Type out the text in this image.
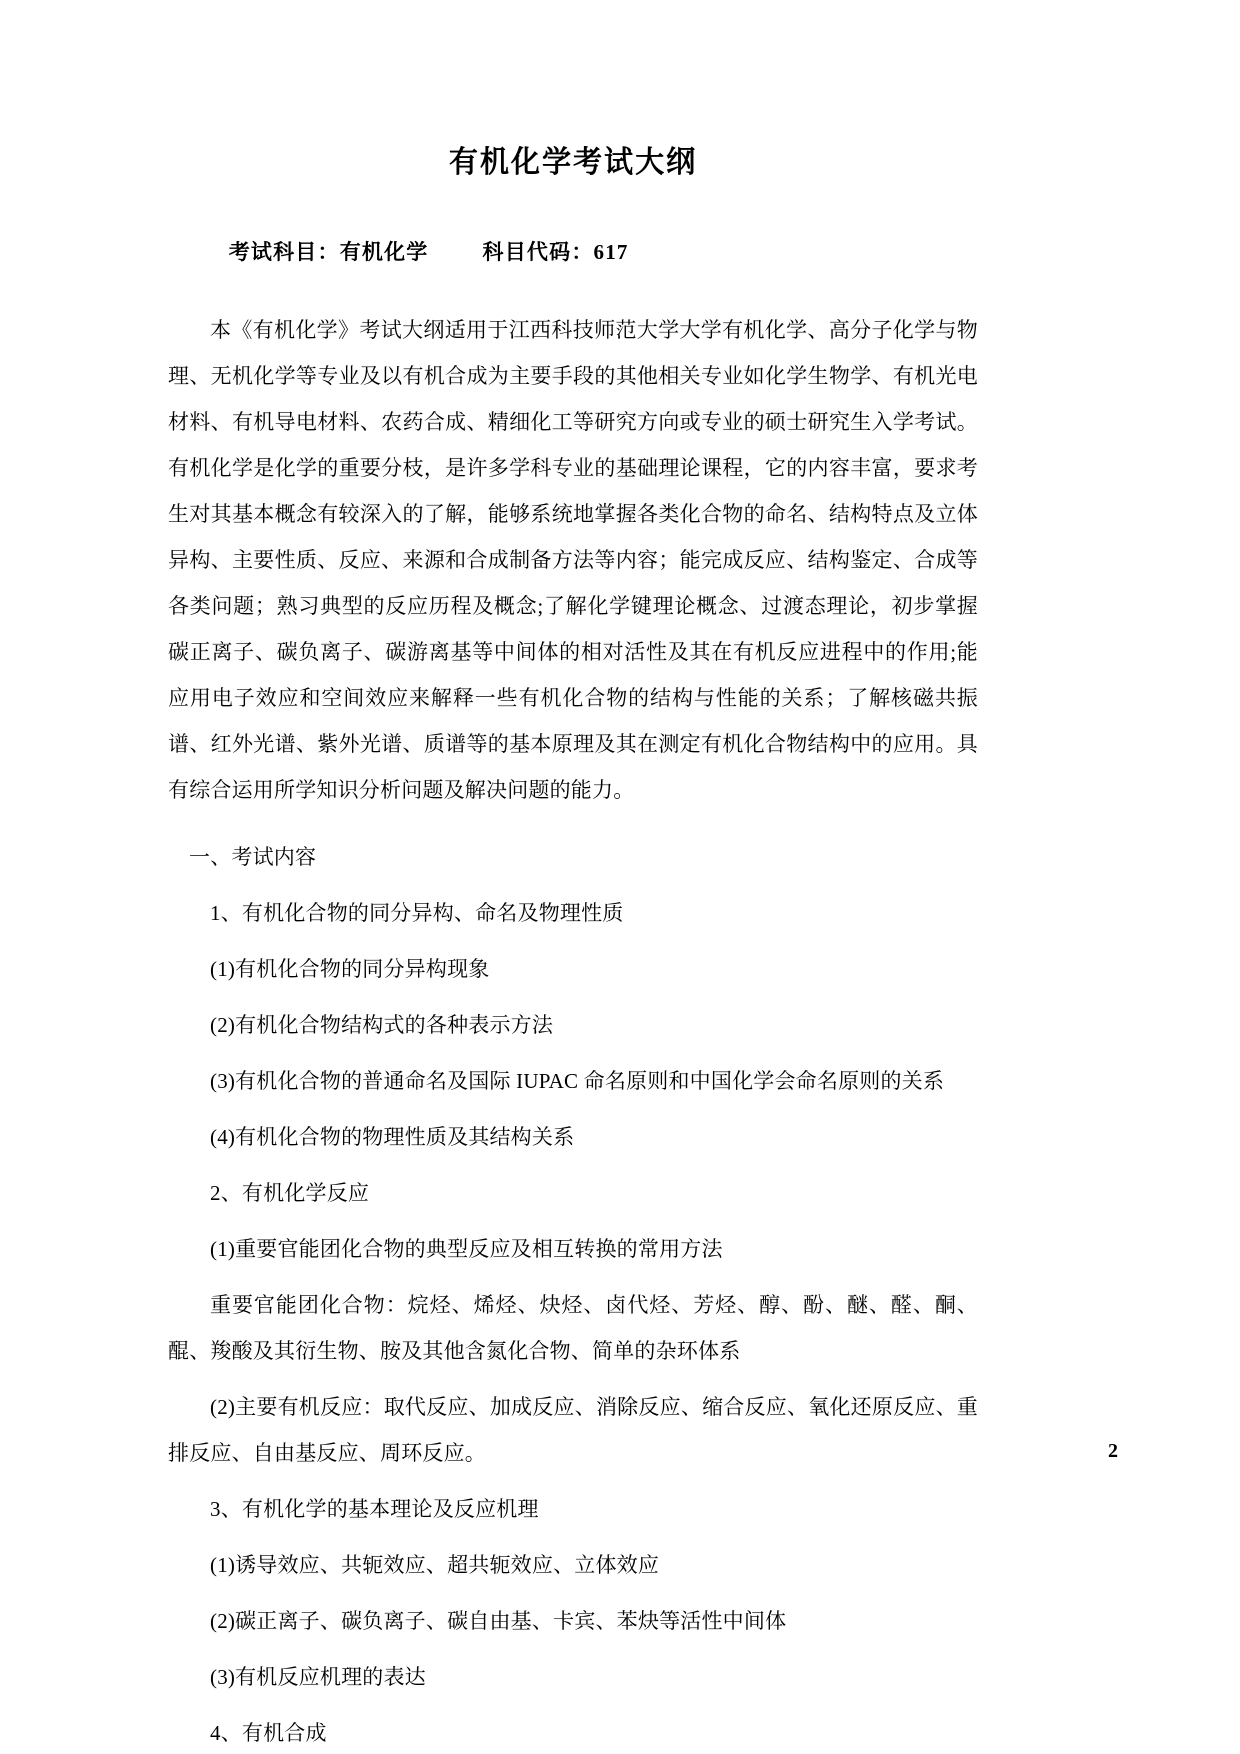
有机化学考试大纲

考试科目：有机化学	科目代码：617

本《有机化学》考试大纲适用于江西科技师范大学大学有机化学、高分子化学与物理、无机化学等专业及以有机合成为主要手段的其他相关专业如化学生物学、有机光电材料、有机导电材料、农药合成、精细化工等研究方向或专业的硕士研究生入学考试。有机化学是化学的重要分枝，是许多学科专业的基础理论课程，它的内容丰富，要求考生对其基本概念有较深入的了解，能够系统地掌握各类化合物的命名、结构特点及立体异构、主要性质、反应、来源和合成制备方法等内容；能完成反应、结构鉴定、合成等各类问题；熟习典型的反应历程及概念;了解化学键理论概念、过渡态理论，初步掌握碳正离子、碳负离子、碳游离基等中间体的相对活性及其在有机反应进程中的作用;能应用电子效应和空间效应来解释一些有机化合物的结构与性能的关系；了解核磁共振谱、红外光谱、紫外光谱、质谱等的基本原理及其在测定有机化合物结构中的应用。具有综合运用所学知识分析问题及解决问题的能力。

一、考试内容
1、有机化合物的同分异构、命名及物理性质
(1)有机化合物的同分异构现象
(2)有机化合物结构式的各种表示方法
(3)有机化合物的普通命名及国际 IUPAC 命名原则和中国化学会命名原则的关系
(4)有机化合物的物理性质及其结构关系
2、有机化学反应
(1)重要官能团化合物的典型反应及相互转换的常用方法
重要官能团化合物：烷烃、烯烃、炔烃、卤代烃、芳烃、醇、酚、醚、醛、酮、醌、羧酸及其衍生物、胺及其他含氮化合物、简单的杂环体系
(2)主要有机反应：取代反应、加成反应、消除反应、缩合反应、氧化还原反应、重排反应、自由基反应、周环反应。
3、有机化学的基本理论及反应机理
(1)诱导效应、共轭效应、超共轭效应、立体效应
(2)碳正离子、碳负离子、碳自由基、卡宾、苯炔等活性中间体
(3)有机反应机理的表达
4、有机合成
2
